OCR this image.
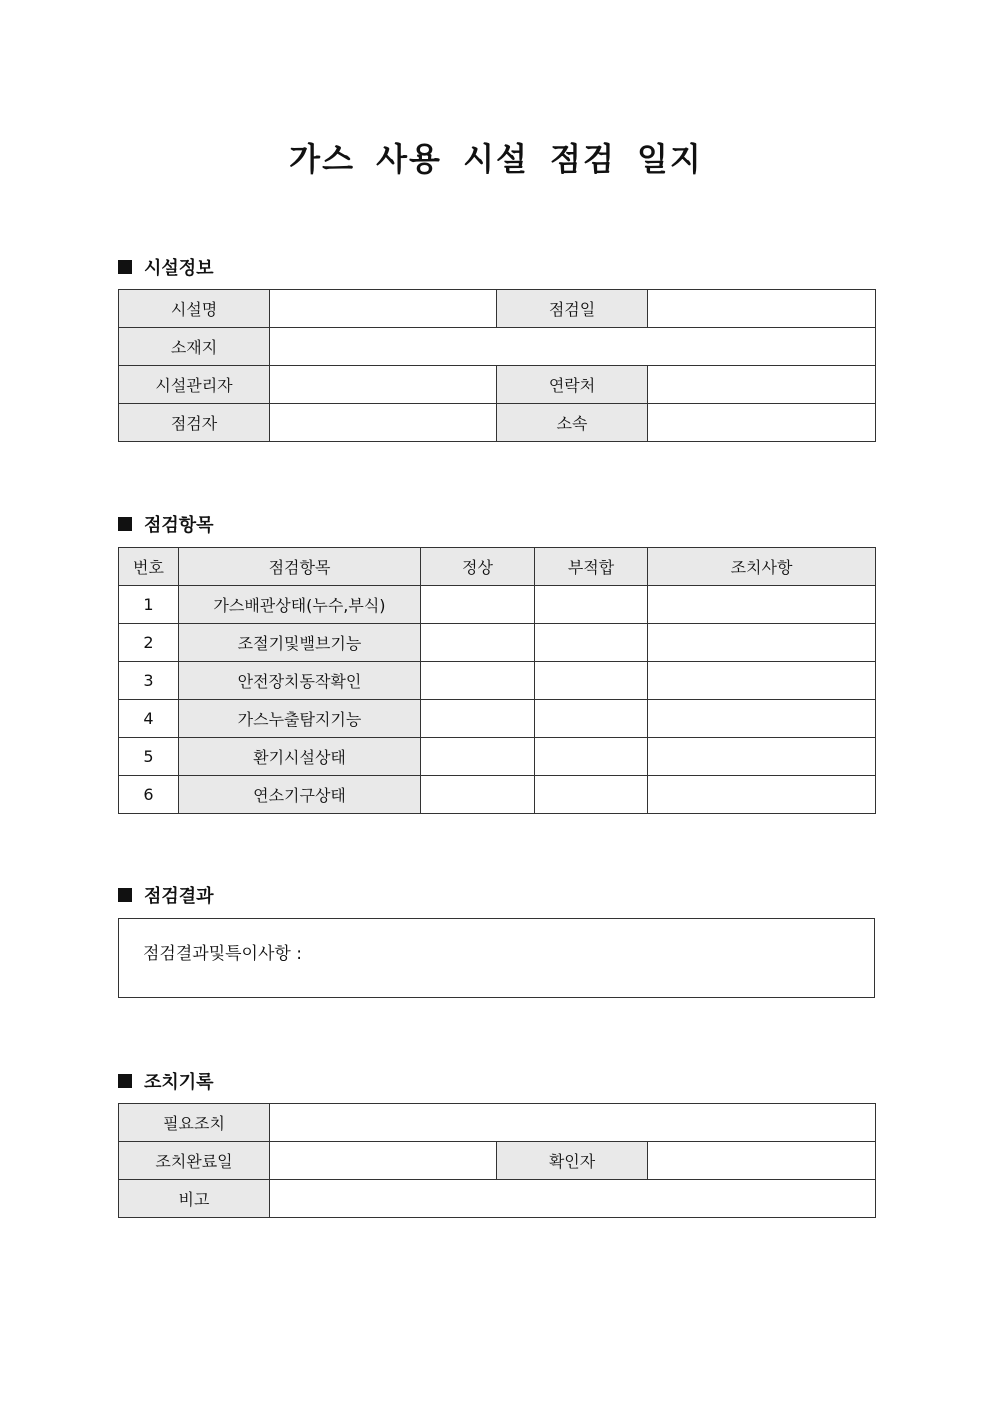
가스 사용 시설 점검 일지
시설정보
시설명		점검일	
소재지			
시설관리자		연락처	
점검자		소속	
점검항목
번호	점검항목	정상	부적합	조치사항
1	가스배관상태(누수,부식)			
2	조절기및밸브기능			
3	안전장치동작확인			
4	가스누출탐지기능			
5	환기시설상태			
6	연소기구상태			
점검결과
점검결과및특이사항 :
조치기록
필요조치			
조치완료일		확인자	
비고			
